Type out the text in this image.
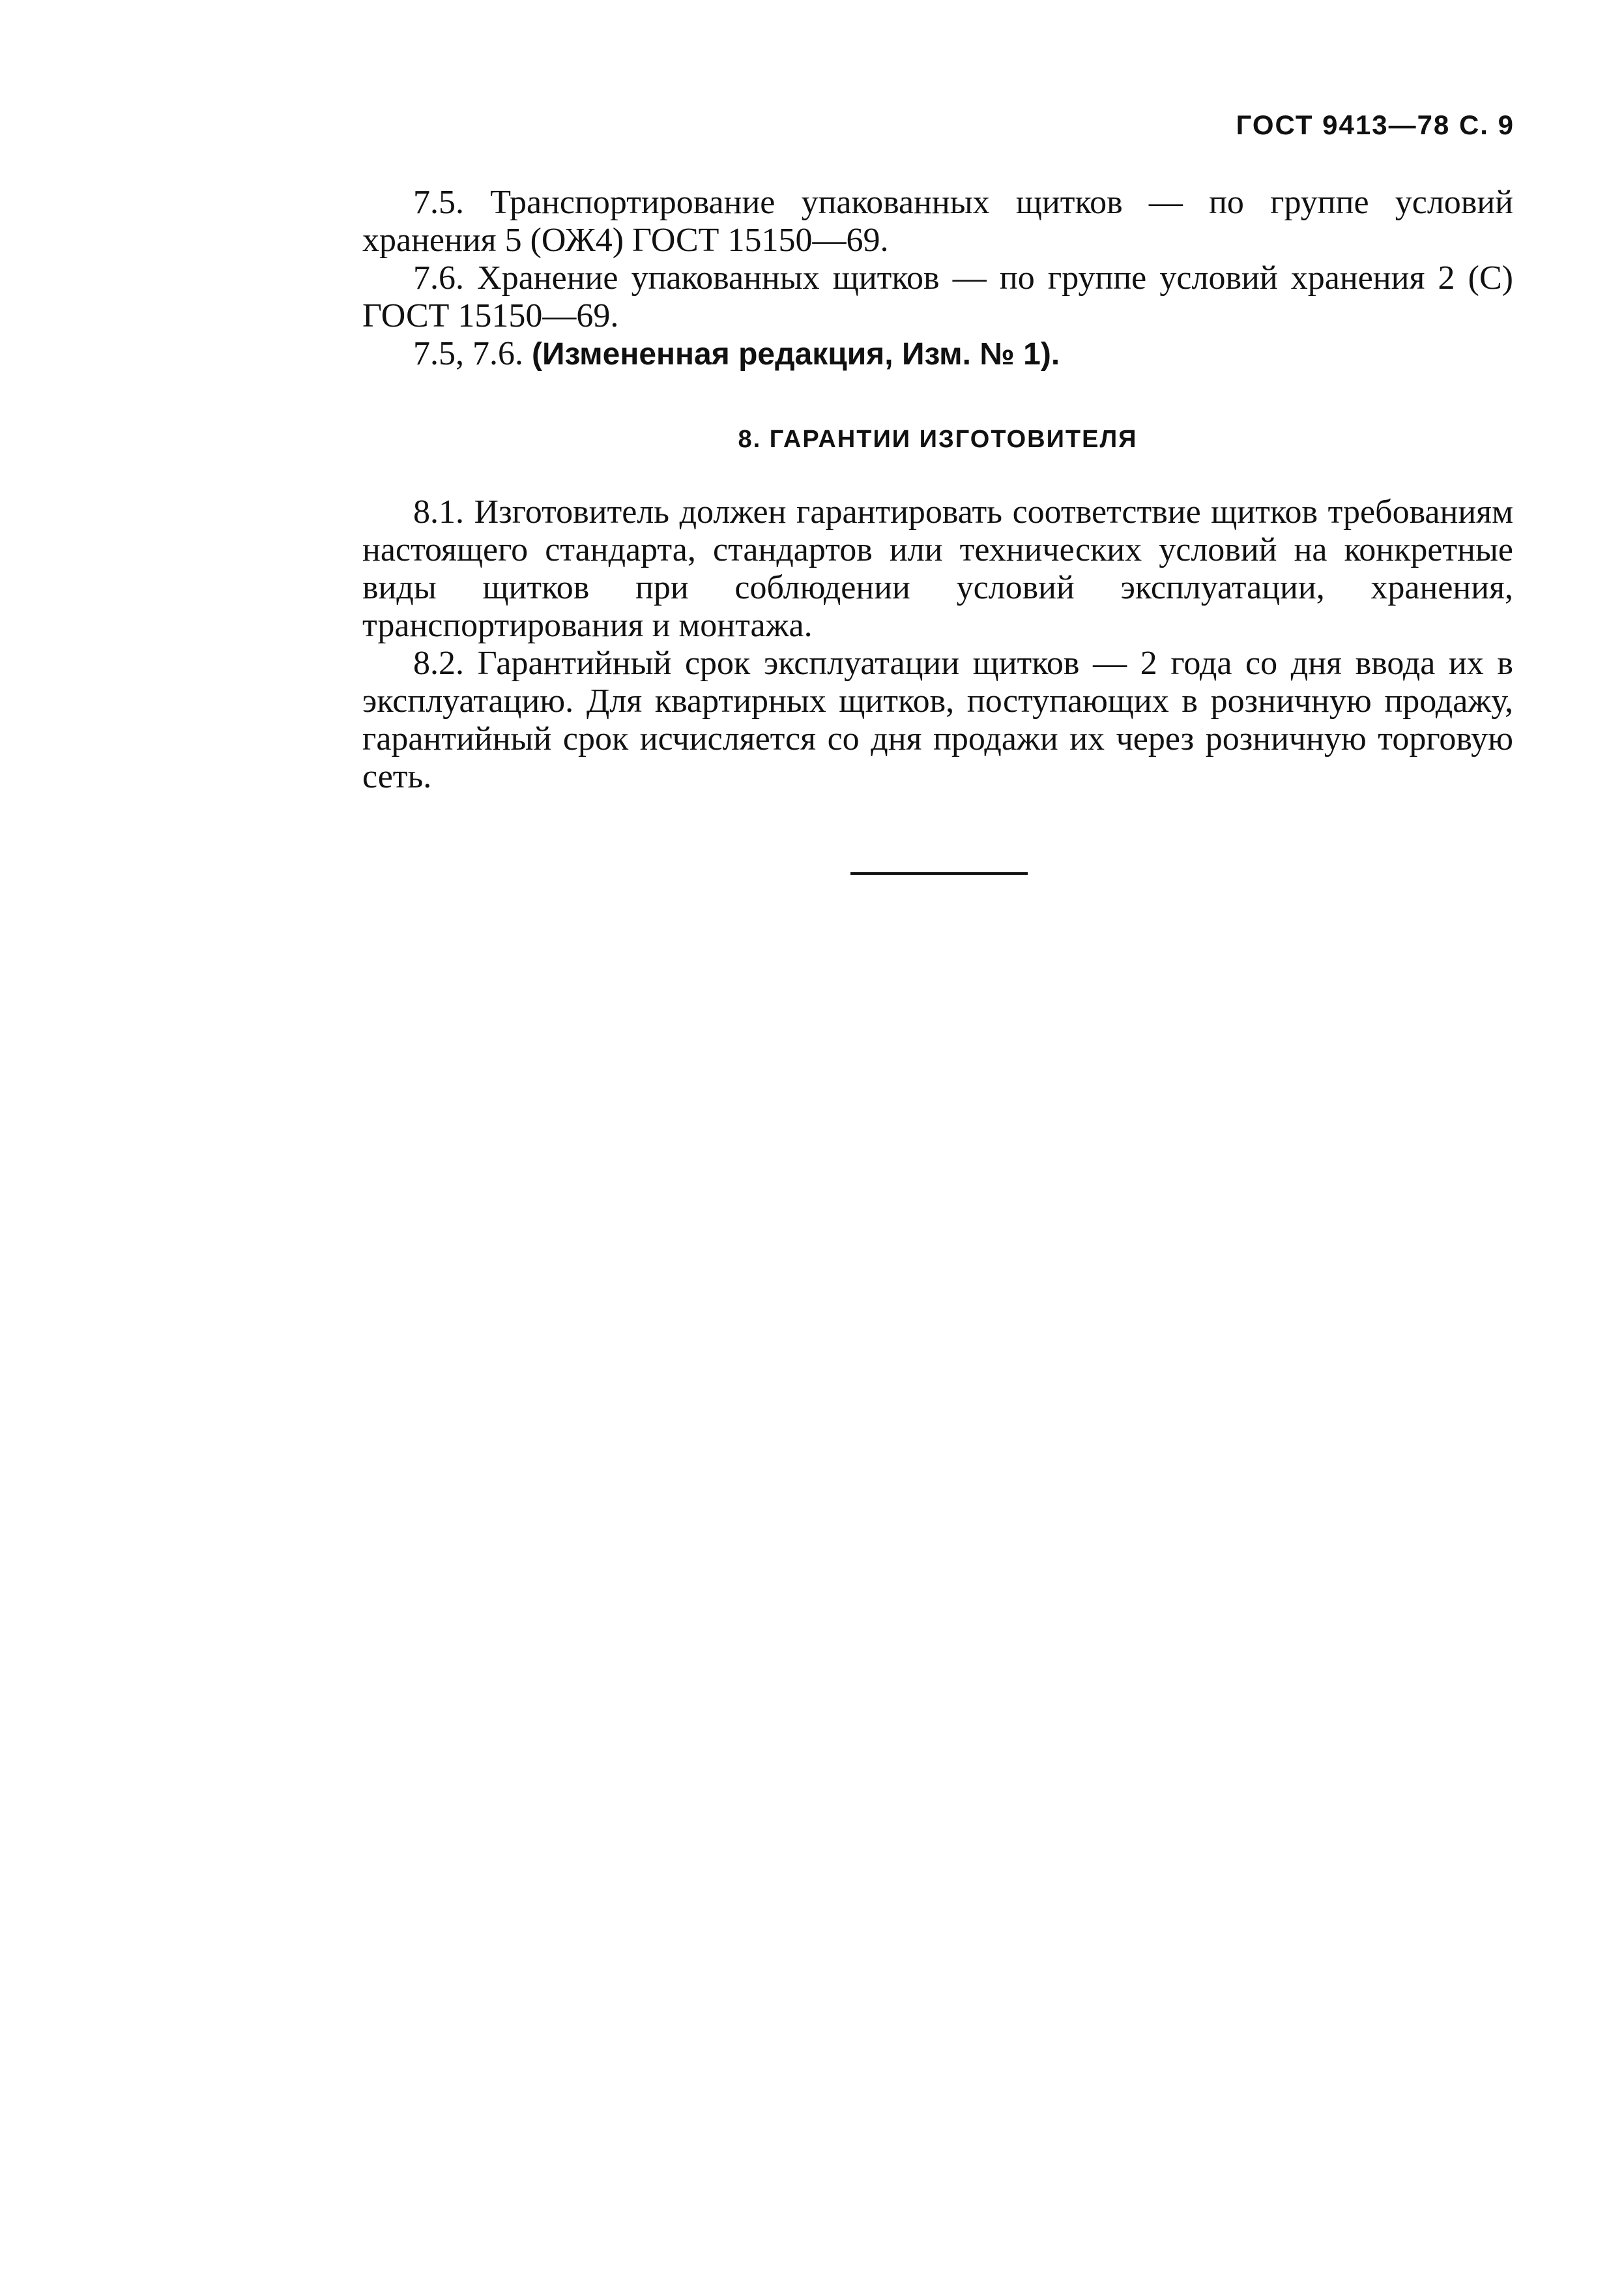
ГОСТ 9413—78 С. 9

7.5. Транспортирование упакованных щитков — по группе условий хранения 5 (ОЖ4) ГОСТ 15150—69.

7.6. Хранение упакованных щитков — по группе условий хранения 2 (С) ГОСТ 15150—69.

7.5, 7.6. (Измененная редакция, Изм. № 1).

8. ГАРАНТИИ ИЗГОТОВИТЕЛЯ

8.1. Изготовитель должен гарантировать соответствие щитков требованиям настоящего стандарта, стандартов или технических условий на конкретные виды щитков при соблюдении условий эксплуатации, хранения, транспортирования и монтажа.

8.2. Гарантийный срок эксплуатации щитков — 2 года со дня ввода их в эксплуатацию. Для квартирных щитков, поступающих в розничную продажу, гарантийный срок исчисляется со дня продажи их через розничную торговую сеть.
